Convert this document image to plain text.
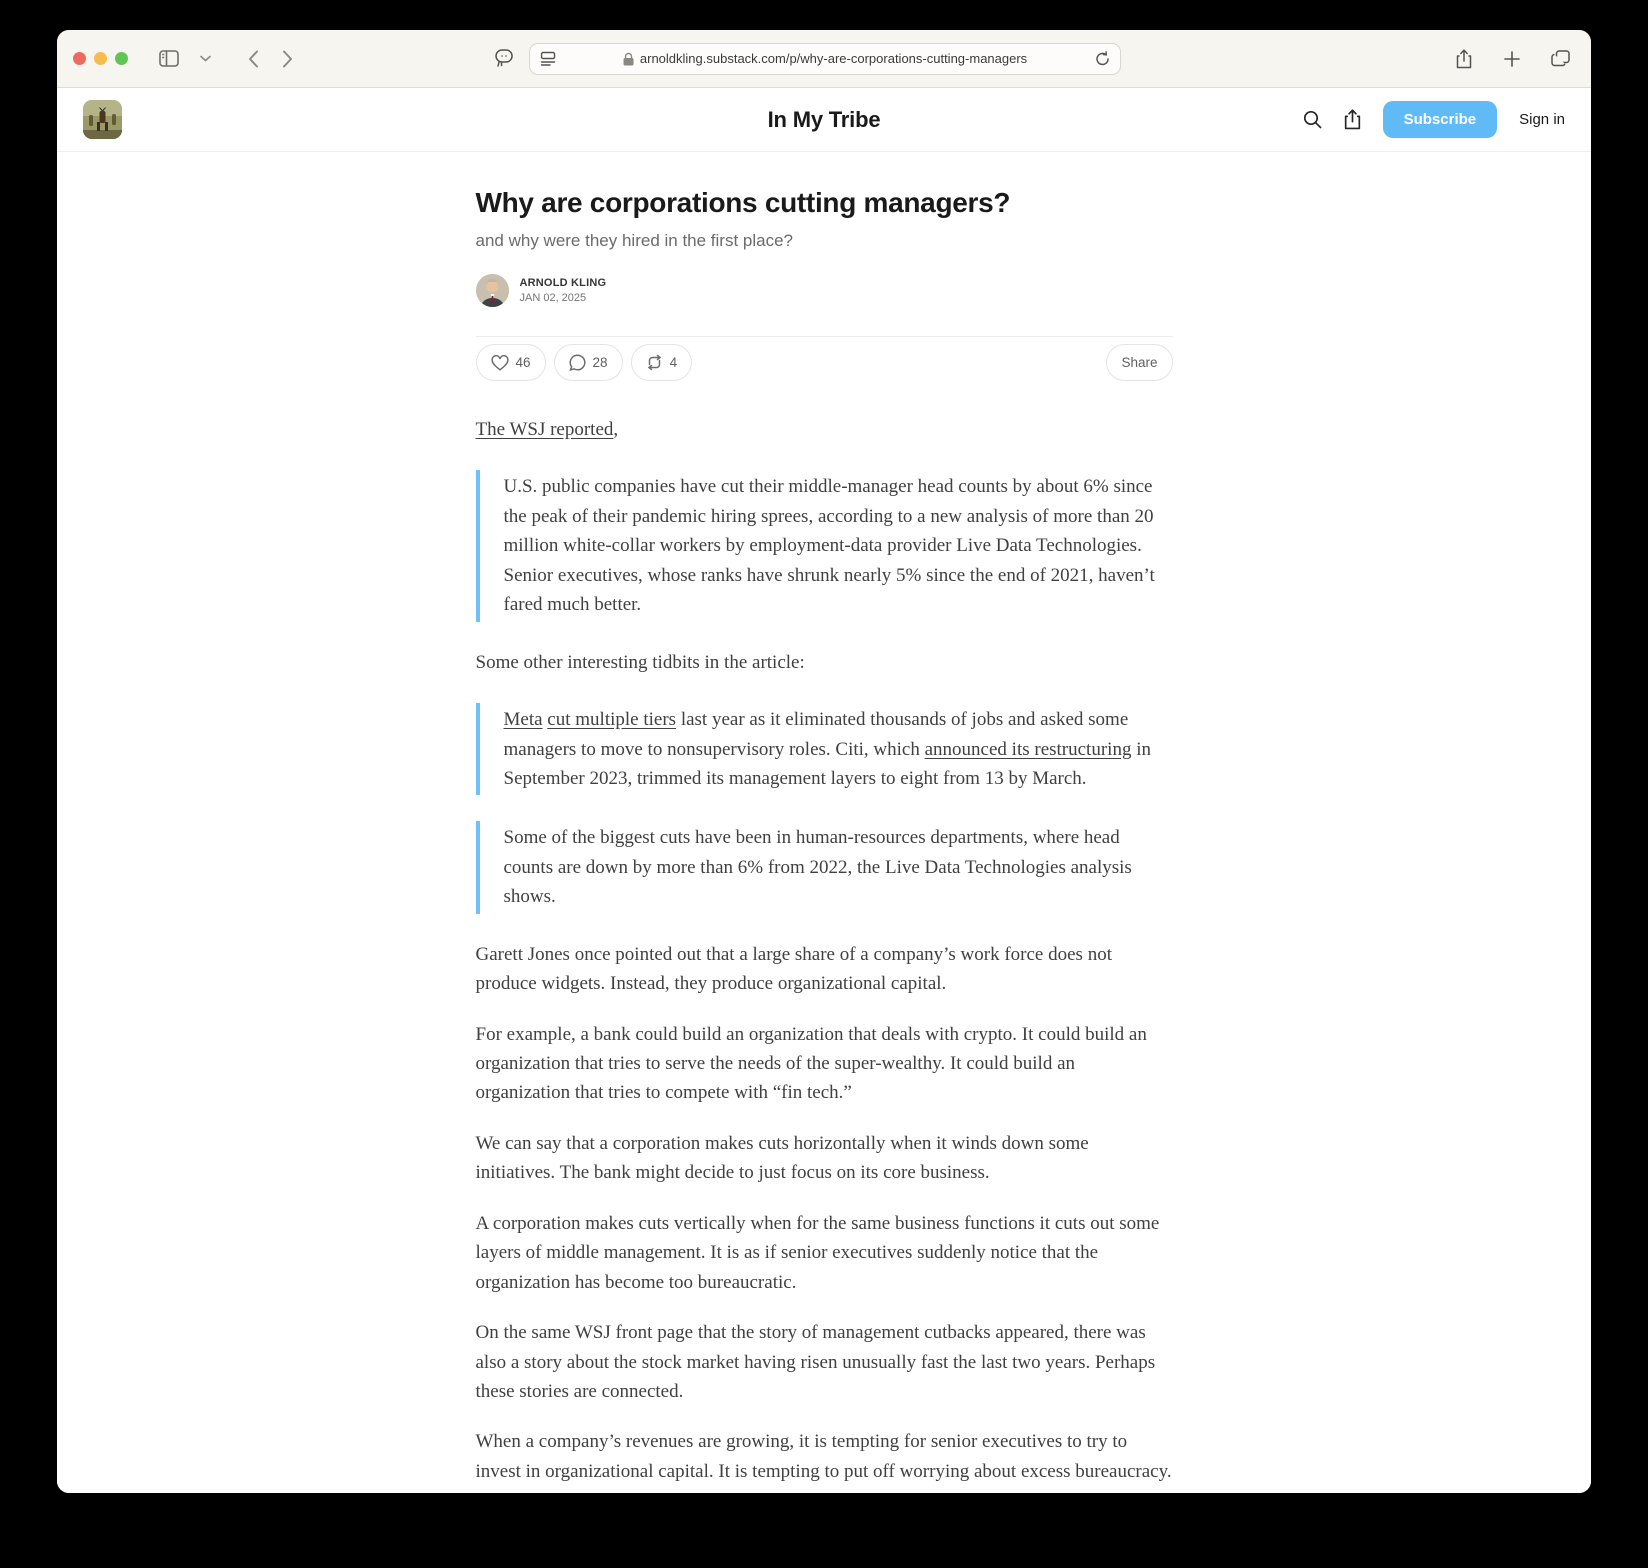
arnoldkling.substack.com/p/why-are-corporations-cutting-managers
In My Tribe	Subscribe	Sign in
Why are corporations cutting managers?
and why were they hired in the first place?
ARNOLD KLING
JAN 02, 2025
46	28	4	Share

The WSJ reported,

U.S. public companies have cut their middle-manager head counts by about 6% since the peak of their pandemic hiring sprees, according to a new analysis of more than 20 million white-collar workers by employment-data provider Live Data Technologies. Senior executives, whose ranks have shrunk nearly 5% since the end of 2021, haven’t fared much better.

Some other interesting tidbits in the article:

Meta cut multiple tiers last year as it eliminated thousands of jobs and asked some managers to move to nonsupervisory roles. Citi, which announced its restructuring in September 2023, trimmed its management layers to eight from 13 by March.

Some of the biggest cuts have been in human-resources departments, where head counts are down by more than 6% from 2022, the Live Data Technologies analysis shows.

Garett Jones once pointed out that a large share of a company’s work force does not produce widgets. Instead, they produce organizational capital.

For example, a bank could build an organization that deals with crypto. It could build an organization that tries to serve the needs of the super-wealthy. It could build an organization that tries to compete with “fin tech.”

We can say that a corporation makes cuts horizontally when it winds down some initiatives. The bank might decide to just focus on its core business.

A corporation makes cuts vertically when for the same business functions it cuts out some layers of middle management. It is as if senior executives suddenly notice that the organization has become too bureaucratic.

On the same WSJ front page that the story of management cutbacks appeared, there was also a story about the stock market having risen unusually fast the last two years. Perhaps these stories are connected.

When a company’s revenues are growing, it is tempting for senior executives to try to invest in organizational capital. It is tempting to put off worrying about excess bureaucracy.
